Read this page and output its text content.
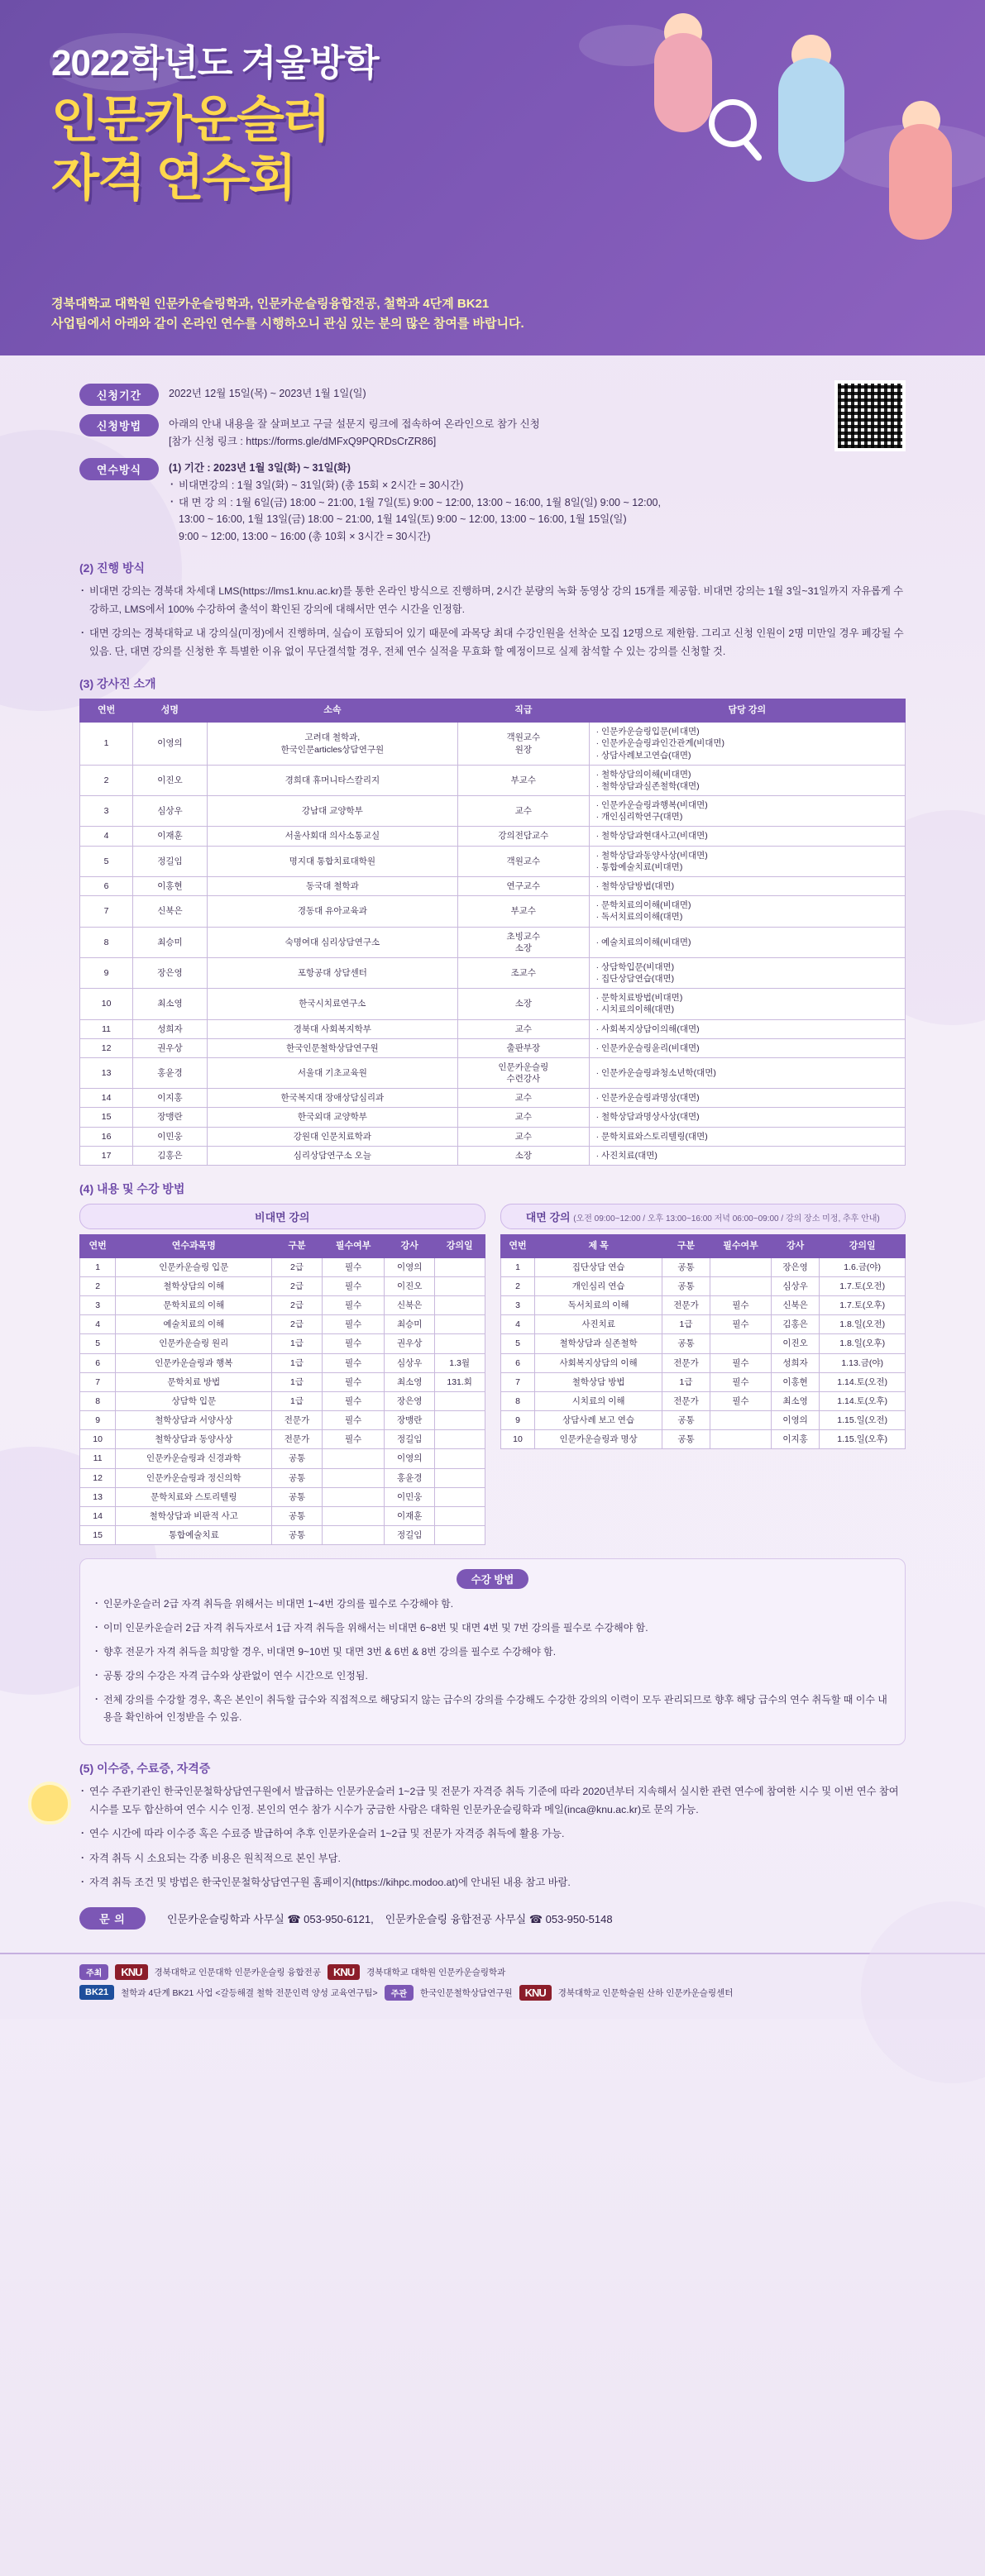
2022학년도 겨울방학
인문카운슬러
자격 연수회
경북대학교 대학원 인문카운슬링학과, 인문카운슬링융합전공, 철학과 4단계 BK21
사업팀에서 아래와 같이 온라인 연수를 시행하오니 관심 있는 분의 많은 참여를 바랍니다.
신청기간	2022년 12월 15일(목) ~ 2023년 1월 1일(일)
신청방법	아래의 안내 내용을 잘 살펴보고 구글 설문지 링크에 접속하여 온라인으로 참가 신청
[참가 신청 링크 : https://forms.gle/dMFxQ9PQRDsCrZR86]
연수방식	(1) 기간 : 2023년 1월 3일(화) ~ 31일(화)
· 비대면강의 : 1월 3일(화) ~ 31일(화) (총 15회 × 2시간 = 30시간)
· 대 면 강 의 : 1월 6일(금) 18:00 ~ 21:00, 1월 7일(토) 9:00 ~ 12:00, 13:00 ~ 16:00, 1월 8일(일) 9:00 ~ 12:00,
13:00 ~ 16:00, 1월 13일(금) 18:00 ~ 21:00, 1월 14일(토) 9:00 ~ 12:00, 13:00 ~ 16:00, 1월 15일(일)
9:00 ~ 12:00, 13:00 ~ 16:00 (총 10회 × 3시간 = 30시간)
(2) 진행 방식

· 비대면 강의는 경북대 차세대 LMS(https://lms1.knu.ac.kr)를 통한 온라인 방식으로 진행하며, 2시간 분량의 녹화 동영상 강의 15개를 제공함. 비대면 강의는 1월 3일~31일까지 자유롭게 수강하고, LMS에서 100% 수강하여 출석이 확인된 강의에 대해서만 연수 시간을 인정함.

· 대면 강의는 경북대학교 내 강의실(미정)에서 진행하며, 실습이 포함되어 있기 때문에 과목당 최대 수강인원을 선착순 모집 12명으로 제한함. 그리고 신청 인원이 2명 미만일 경우 폐강될 수 있음. 단, 대면 강의를 신청한 후 특별한 이유 없이 무단결석할 경우, 전체 연수 실적을 무효화 할 예정이므로 실제 참석할 수 있는 강의를 신청할 것.

(3) 강사진 소개
연번	성명	소속	직급	담당 강의
1	이영의	고려대 철학과,
한국인문articles상담연구원	객원교수
원장	· 인문카운슬링입문(비대면)
· 인문카운슬링과인간관계(비대면)
· 상담사례보고연습(대면)
2	이진오	경희대 휴머니타스칼리지	부교수	· 철학상담의이해(비대면)
· 철학상담과실존철학(대면)
3	심상우	강남대 교양학부	교수	· 인문카운슬링과행복(비대면)
· 개인심리학연구(대면)
4	이재훈	서울사회대 의사소통교실	강의전담교수	· 철학상담과현대사고(비대면)
5	정길임	명지대 통합치료대학원	객원교수	· 철학상담과동양사상(비대면)
· 통합예술치료(비대면)
6	이홍현	동국대 철학과	연구교수	· 철학상담방법(대면)
7	신북은	경동대 유아교육과	부교수	· 문학치료의이해(비대면)
· 독서치료의이해(대면)
8	최승미	숙명여대 심리상담연구소	초빙교수
소장	· 예술치료의이해(비대면)
9	장은영	포항공대 상담센터	조교수	· 상담학입문(비대면)
· 집단상담연습(대면)
10	최소영	한국시치료연구소	소장	· 문학치료방법(비대면)
· 시치료의이해(대면)
11	성희자	경북대 사회복지학부	교수	· 사회복지상담이의해(대면)
12	권우상	한국인문철학상담연구원	출판부장	· 인문카운슬링윤리(비대면)
13	홍윤경	서울대 기초교육원	인문카운슬링
수련강사	· 인문카운슬링과청소년학(대면)
14	이지홍	한국복지대 장애상담심리과	교수	· 인문카운슬링과명상(대면)
15	장맹란	한국외대 교양학부	교수	· 철학상담과명상사상(대면)
16	이민웅	강원대 인문치료학과	교수	· 문학치료와스토리텔링(대면)
17	김홍은	심리상담연구소 오늘	소장	· 사진치료(대면)
(4) 내용 및 수강 방법
비대면 강의
연번	연수과목명	구분	필수여부	강사	강의일
1	인문카운슬링 입문	2급	필수	이영의	
2	철학상담의 이해	2급	필수	이진오	
3	문학치료의 이해	2급	필수	신북은	
4	예술치료의 이해	2급	필수	최승미	
5	인문카운슬링 원리	1급	필수	권우상	
6	인문카운슬링과 행복	1급	필수	심상우	1.3월
7	문학치료 방법	1급	필수	최소영	131.회
8	상담학 입문	1급	필수	장은영	
9	철학상담과 서양사상	전문가	필수	장맹란	
10	철학상담과 동양사상	전문가	필수	정길임	
11	인문카운슬링과 신경과학	공통		이영의	
12	인문카운슬링과 정신의학	공통		홍윤경	
13	문학치료와 스토리텔링	공통		이민웅	
14	철학상담과 비판적 사고	공통		이재훈	
15	통합예술치료	공통		정길임	
대면 강의 (오전 09:00~12:00 / 오후 13:00~16:00 저녁 06:00~09:00 / 강의 장소 미정, 추후 안내)
연번	제 목	구분	필수여부	강사	강의일
1	집단상담 연습	공통		장은영	1.6.금(야)
2	개인심리 연습	공통		심상우	1.7.토(오전)
3	독서치료의 이해	전문가	필수	신북은	1.7.토(오후)
4	사진치료	1급	필수	김홍은	1.8.일(오전)
5	철학상담과 실존철학	공통		이진오	1.8.일(오후)
6	사회복지상담의 이해	전문가	필수	성희자	1.13.금(야)
7	철학상담 방법	1급	필수	이홍현	1.14.토(오전)
8	시치료의 이해	전문가	필수	최소영	1.14.토(오후)
9	상담사례 보고 연습	공통		이영의	1.15.일(오전)
10	인문카운슬링과 명상	공통		이지홍	1.15.일(오후)
수강 방법

· 인문카운슬러 2급 자격 취득을 위해서는 비대면 1~4번 강의를 필수로 수강해야 함.

· 이미 인문카운슬러 2급 자격 취득자로서 1급 자격 취득을 위해서는 비대면 6~8번 및 대면 4번 및 7번 강의를 필수로 수강해야 함.

· 향후 전문가 자격 취득을 희망할 경우, 비대면 9~10번 및 대면 3번 & 6번 & 8번 강의를 필수로 수강해야 함.

· 공통 강의 수강은 자격 급수와 상관없이 연수 시간으로 인정됨.

· 전체 강의를 수강할 경우, 혹은 본인이 취득할 급수와 직접적으로 해당되지 않는 급수의 강의를 수강해도 수강한 강의의 이력이 모두 관리되므로 향후 해당 급수의 연수 취득할 때 이수 내용을 확인하여 인정받을 수 있음.

(5) 이수증, 수료증, 자격증

· 연수 주관기관인 한국인문철학상담연구원에서 발급하는 인문카운슬러 1~2급 및 전문가 자격증 취득 기준에 따라 2020년부터 지속해서 실시한 관련 연수에 참여한 시수 및 이번 연수 참여 시수를 모두 합산하여 연수 시수 인정. 본인의 연수 참가 시수가 궁금한 사람은 대학원 인문카운슬링학과 메일(inca@knu.ac.kr)로 문의 가능.

· 연수 시간에 따라 이수증 혹은 수료증 발급하여 추후 인문카운슬러 1~2급 및 전문가 자격증 취득에 활용 가능.

· 자격 취득 시 소요되는 각종 비용은 원칙적으로 본인 부담.

· 자격 취득 조건 및 방법은 한국인문철학상담연구원 홈페이지(https://kihpc.modoo.at)에 안내된 내용 참고 바람.

문 의	인문카운슬링학과 사무실 ☎ 053-950-6121, 인문카운슬링 융합전공 사무실 ☎ 053-950-5148
주최	KNU	경북대학교 인문대학 인문카운슬링 융합전공	KNU	경북대학교 대학원 인문카운슬링학과
BK21	철학과 4단계 BK21 사업 <갈등해결 철학 전문인력 양성 교육연구팀>	주관	한국인문철학상담연구원	KNU	경북대학교 인문학술원 산하 인문카운슬링센터
